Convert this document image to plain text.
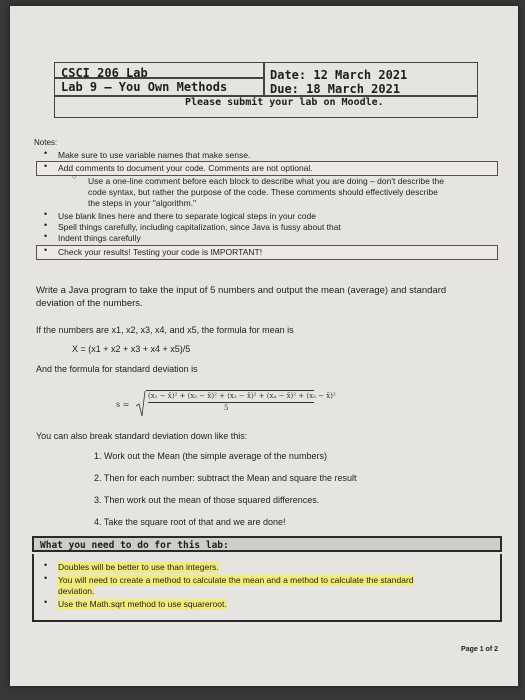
CSCI 206 Lab
Lab 9 – You Own Methods
Date: 12 March 2021
Due: 18 March 2021
Please submit your lab on Moodle.
Notes:
• Make sure to use variable names that make sense.
• Add comments to document your code. Comments are not optional.
○ Use a one-line comment before each block to describe what you are doing – don't describe the
code syntax, but rather the purpose of the code. These comments should effectively describe
the steps in your "algorithm."
• Use blank lines here and there to separate logical steps in your code
• Spell things carefully, including capitalization, since Java is fussy about that
• Indent things carefully
• Check your results! Testing your code is IMPORTANT!
Write a Java program to take the input of 5 numbers and output the mean (average) and standard
deviation of the numbers.
If the numbers are x1, x2, x3, x4, and x5, the formula for mean is
X = (x1 + x2 + x3 + x4 + x5)/5
And the formula for standard deviation is
s =
(x₁ − x̄)² + (x₂ − x̄)² + (x₃ − x̄)² + (x₄ − x̄)² + (x₅ − x̄)²
5
You can also break standard deviation down like this:
1. Work out the Mean (the simple average of the numbers)
2. Then for each number: subtract the Mean and square the result
3. Then work out the mean of those squared differences.
4. Take the square root of that and we are done!
What you need to do for this lab:
• Doubles will be better to use than integers.
• You will need to create a method to calculate the mean and a method to calculate the standard
deviation.
• Use the Math.sqrt method to use squareroot.
Page 1 of 2
